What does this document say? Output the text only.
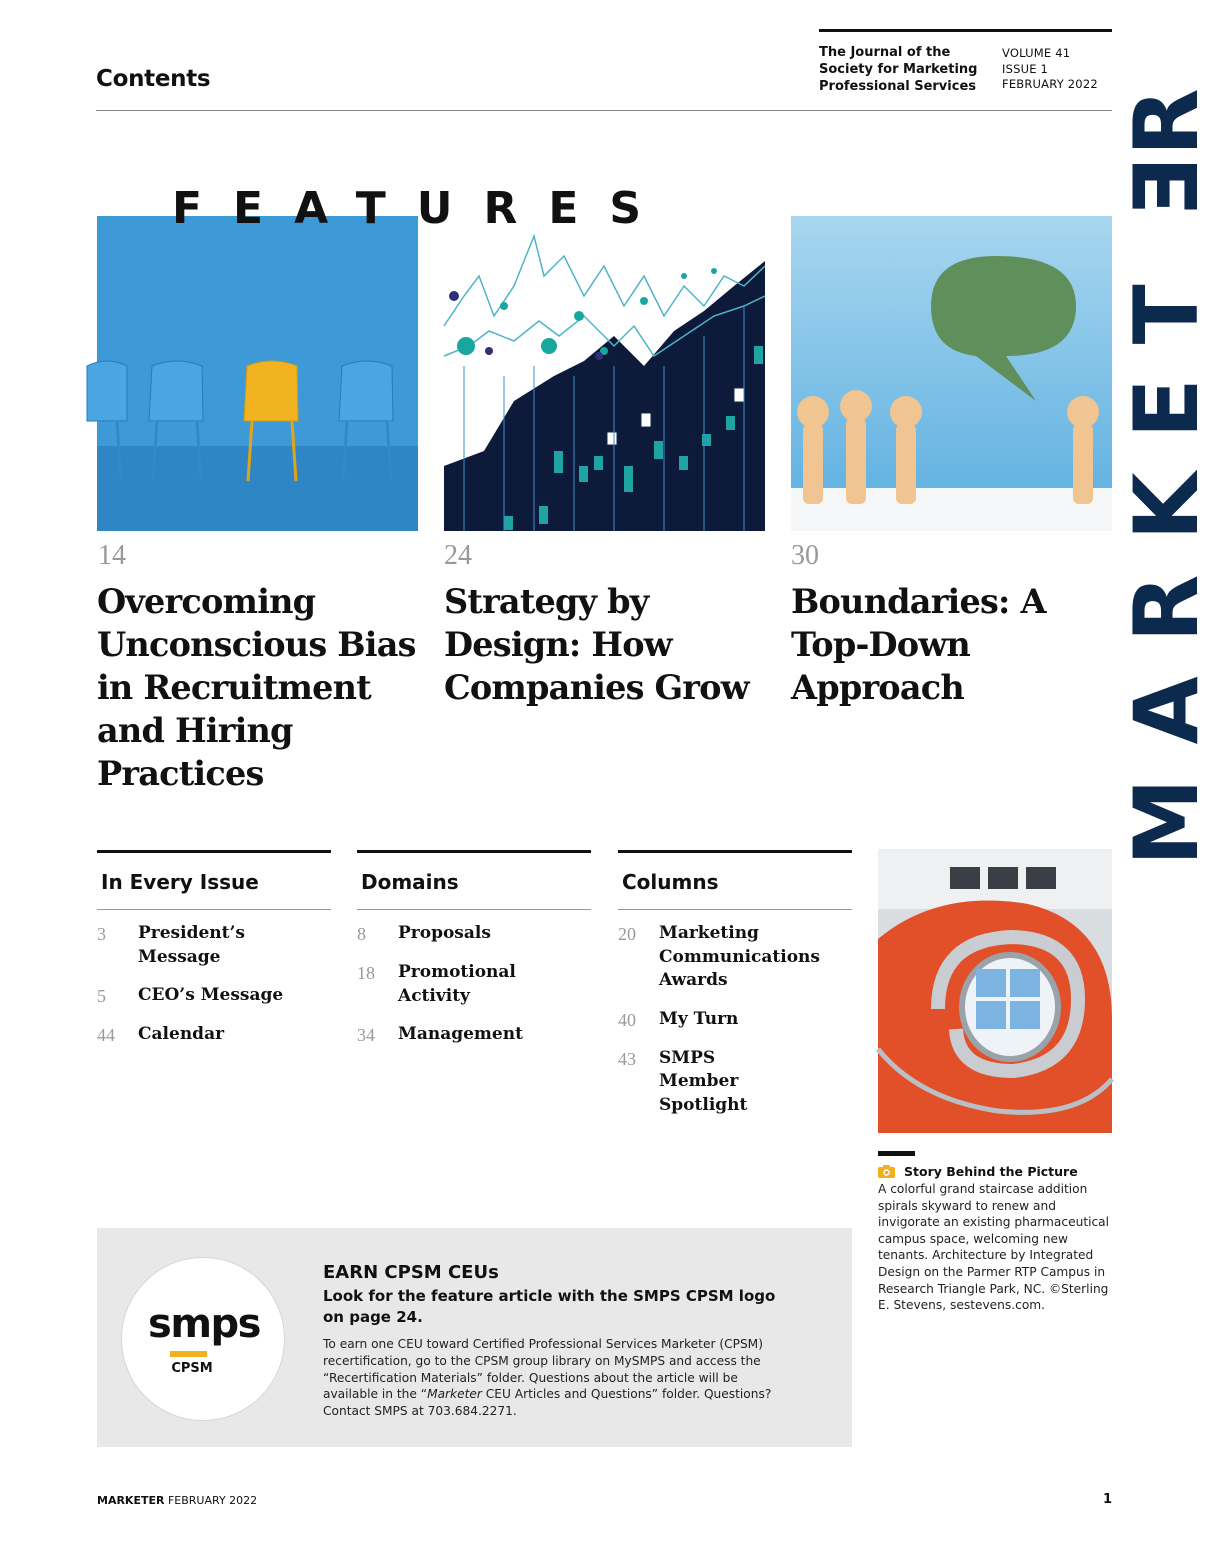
Contents
The Journal of the
Society for Marketing
Professional Services
VOLUME 41
ISSUE 1
FEBRUARY 2022
MARKETER
FEATURES
14	24	30
Overcoming Unconscious Bias in Recruitment and Hiring Practices
Strategy by Design: How Companies Grow
Boundaries: A Top-Down Approach
In Every Issue
3	President’s Message
5	CEO’s Message
44	Calendar
Domains
8	Proposals
18	Promotional Activity
34	Management
Columns
20	Marketing Communications Awards
40	My Turn
43	SMPS Member Spotlight
Story Behind the Picture
A colorful grand staircase addition spirals skyward to renew and invigorate an existing pharmaceutical campus space, welcoming new tenants. Architecture by Integrated Design on the Parmer RTP Campus in Research Triangle Park, NC. ©Sterling E. Stevens, sestevens.com.
smps
CPSM
EARN CPSM CEUs
Look for the feature article with the SMPS CPSM logo on page 24.
To earn one CEU toward Certified Professional Services Marketer (CPSM) recertification, go to the CPSM group library on MySMPS and access the “Recertification Materials” folder. Questions about the article will be available in the “Marketer CEU Articles and Questions” folder. Questions? Contact SMPS at 703.684.2271.
MARKETER FEBRUARY 2022	1
